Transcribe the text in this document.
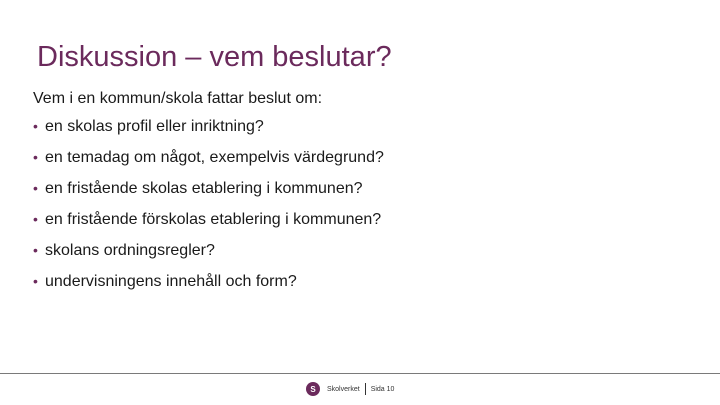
Diskussion – vem beslutar?
Vem i en kommun/skola fattar beslut om:
• en skolas profil eller inriktning?
• en temadag om något, exempelvis värdegrund?
• en fristående skolas etablering i kommunen?
• en fristående förskolas etablering i kommunen?
• skolans ordningsregler?
• undervisningens innehåll och form?
S	Skolverket Sida 10
